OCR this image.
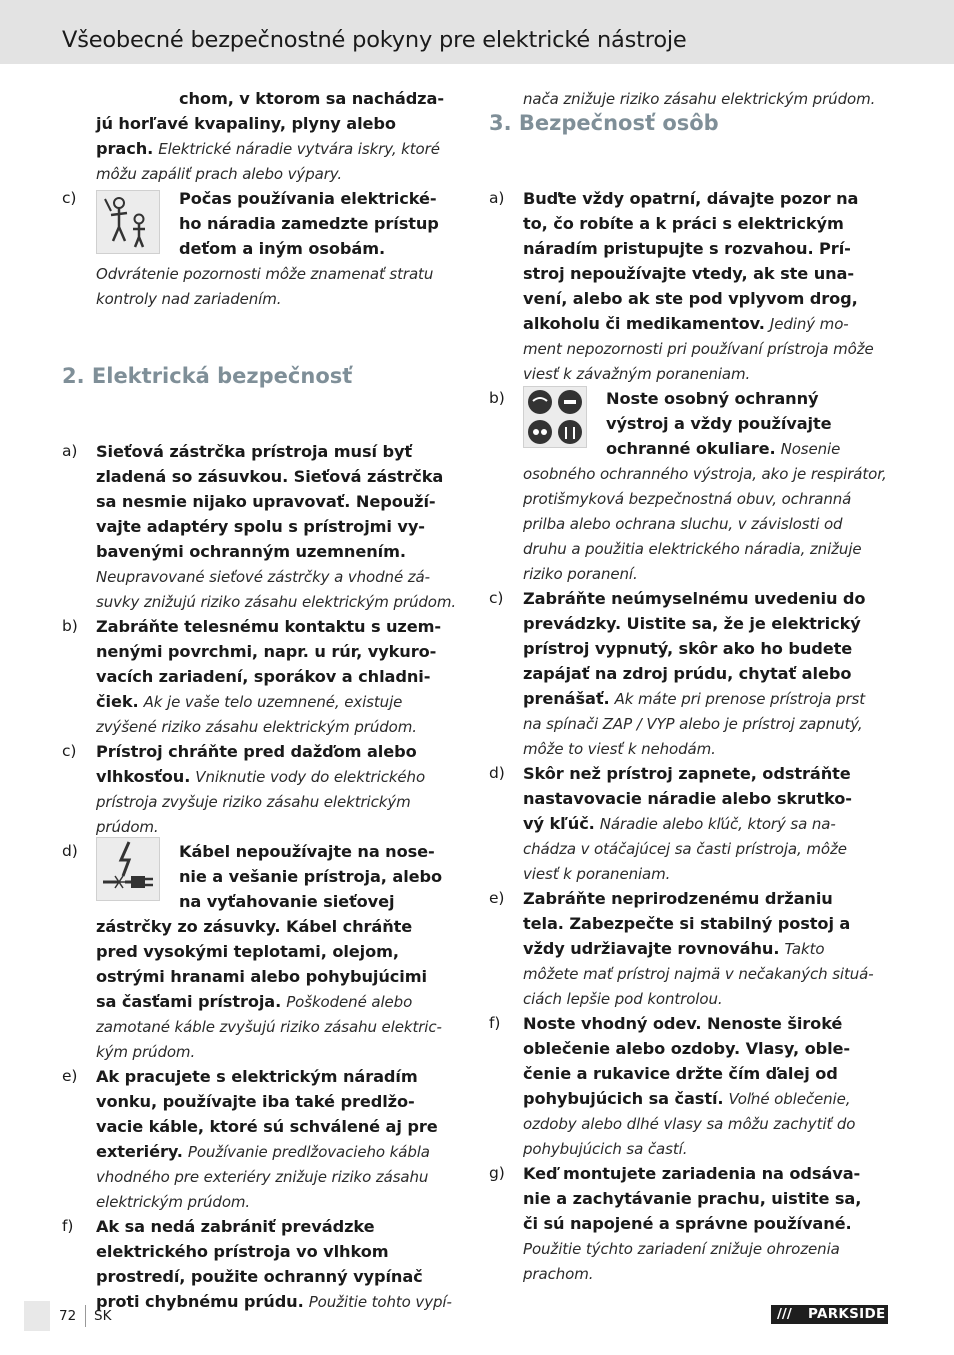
Všeobecné bezpečnostné pokyny pre elektrické nástroje
chom, v ktorom sa nachádza-
jú horľavé kvapaliny, plyny alebo
prach. Elektrické náradie vytvára iskry, ktoré
môžu zapáliť prach alebo výpary.
c)	Počas používania elektrické-
ho náradia zamedzte prístup
deťom a iným osobám.
Odvrátenie pozornosti môže znamenať stratu
kontroly nad zariadením.
2. Elektrická bezpečnosť
a) Sieťová zástrčka prístroja musí byť
zladená so zásuvkou. Sieťová zástrčka
sa nesmie nijako upravovať. Nepouží-
vajte adaptéry spolu s prístrojmi vy-
bavenými ochranným uzemnením.
Neupravované sieťové zástrčky a vhodné zá-
suvky znižujú riziko zásahu elektrickým prúdom.
b) Zabráňte telesnému kontaktu s uzem-
nenými povrchmi, napr. u rúr, vykuro-
vacích zariadení, sporákov a chladni-
čiek. Ak je vaše telo uzemnené, existuje
zvýšené riziko zásahu elektrickým prúdom.
c) Prístroj chráňte pred dažďom alebo
vlhkosťou. Vniknutie vody do elektrického
prístroja zvyšuje riziko zásahu elektrickým
prúdom.
d)	Kábel nepoužívajte na nose-
nie a vešanie prístroja, alebo
na vyťahovanie sieťovej
zástrčky zo zásuvky. Kábel chráňte
pred vysokými teplotami, olejom,
ostrými hranami alebo pohybujúcimi
sa časťami prístroja. Poškodené alebo
zamotané káble zvyšujú riziko zásahu elektric-
kým prúdom.
e) Ak pracujete s elektrickým náradím
vonku, používajte iba také predlžo-
vacie káble, ktoré sú schválené aj pre
exteriéry. Používanie predlžovacieho kábla
vhodného pre exteriéry znižuje riziko zásahu
elektrickým prúdom.
f) Ak sa nedá zabrániť prevádzke
elektrického prístroja vo vlhkom
prostredí, použite ochranný vypínač
proti chybnému prúdu. Použitie tohto vypí-
nača znižuje riziko zásahu elektrickým prúdom.
3. Bezpečnosť osôb
a) Buďte vždy opatrní, dávajte pozor na
to, čo robíte a k práci s elektrickým
náradím pristupujte s rozvahou. Prí-
stroj nepoužívajte vtedy, ak ste una-
vení, alebo ak ste pod vplyvom drog,
alkoholu či medikamentov. Jediný mo-
ment nepozornosti pri používaní prístroja môže
viesť k závažným poraneniam.
b)	Noste osobný ochranný
výstroj a vždy používajte
ochranné okuliare. Nosenie
osobného ochranného výstroja, ako je respirátor,
protišmyková bezpečnostná obuv, ochranná
prilba alebo ochrana sluchu, v závislosti od
druhu a použitia elektrického náradia, znižuje
riziko poranení.
c) Zabráňte neúmyselnému uvedeniu do
prevádzky. Uistite sa, že je elektrický
prístroj vypnutý, skôr ako ho budete
zapájať na zdroj prúdu, chytať alebo
prenášať. Ak máte pri prenose prístroja prst
na spínači ZAP / VYP alebo je prístroj zapnutý,
môže to viesť k nehodám.
d) Skôr než prístroj zapnete, odstráňte
nastavovacie náradie alebo skrutko-
vý kľúč. Náradie alebo kľúč, ktorý sa na-
chádza v otáčajúcej sa časti prístroja, môže
viesť k poraneniam.
e) Zabráňte neprirodzenému držaniu
tela. Zabezpečte si stabilný postoj a
vždy udržiavajte rovnováhu. Takto
môžete mať prístroj najmä v nečakaných situá-
ciách lepšie pod kontrolou.
f) Noste vhodný odev. Nenoste široké
oblečenie alebo ozdoby. Vlasy, oble-
čenie a rukavice držte čím ďalej od
pohybujúcich sa častí. Voľné oblečenie,
ozdoby alebo dlhé vlasy sa môžu zachytiť do
pohybujúcich sa častí.
g) Keď montujete zariadenia na odsáva-
nie a zachytávanie prachu, uistite sa,
či sú napojené a správne používané.
Použitie týchto zariadení znižuje ohrozenia
prachom.
72 SK	/// PARKSIDE
